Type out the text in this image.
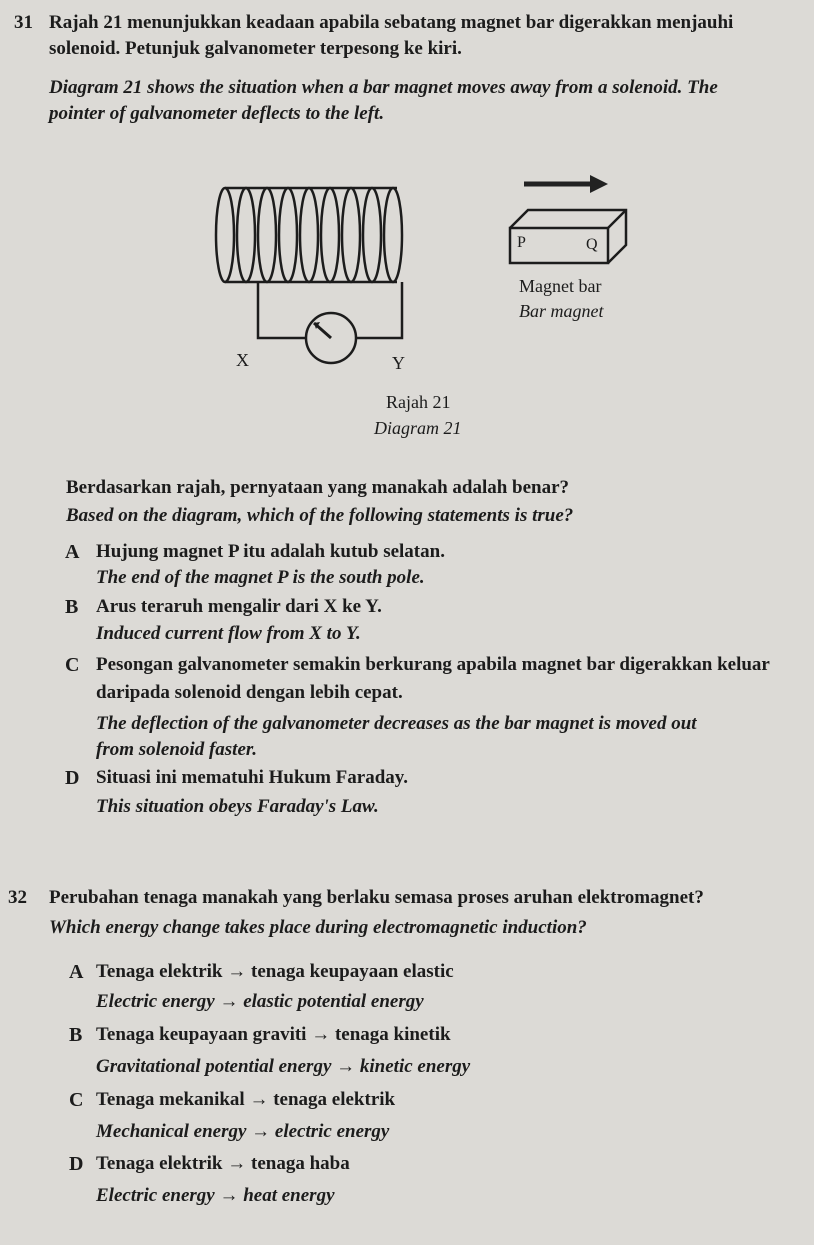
31 Rajah 21 menunjukkan keadaan apabila sebatang magnet bar digerakkan menjauhi
solenoid. Petunjuk galvanometer terpesong ke kiri.
Diagram 21 shows the situation when a bar magnet moves away from a solenoid. The
pointer of galvanometer deflects to the left.
X	Y
P	Q
Magnet bar
Bar magnet
Rajah 21
Diagram 21
Berdasarkan rajah, pernyataan yang manakah adalah benar?
Based on the diagram, which of the following statements is true?
A Hujung magnet P itu adalah kutub selatan.
The end of the magnet P is the south pole.
B Arus teraruh mengalir dari X ke Y.
Induced current flow from X to Y.
C Pesongan galvanometer semakin berkurang apabila magnet bar digerakkan keluar
daripada solenoid dengan lebih cepat.
The deflection of the galvanometer decreases as the bar magnet is moved out
from solenoid faster.
D Situasi ini mematuhi Hukum Faraday.
This situation obeys Faraday's Law.
32 Perubahan tenaga manakah yang berlaku semasa proses aruhan elektromagnet?
Which energy change takes place during electromagnetic induction?
A Tenaga elektrik → tenaga keupayaan elastic
Electric energy → elastic potential energy
B Tenaga keupayaan graviti → tenaga kinetik
Gravitational potential energy → kinetic energy
C Tenaga mekanikal → tenaga elektrik
Mechanical energy → electric energy
D Tenaga elektrik → tenaga haba
Electric energy → heat energy
